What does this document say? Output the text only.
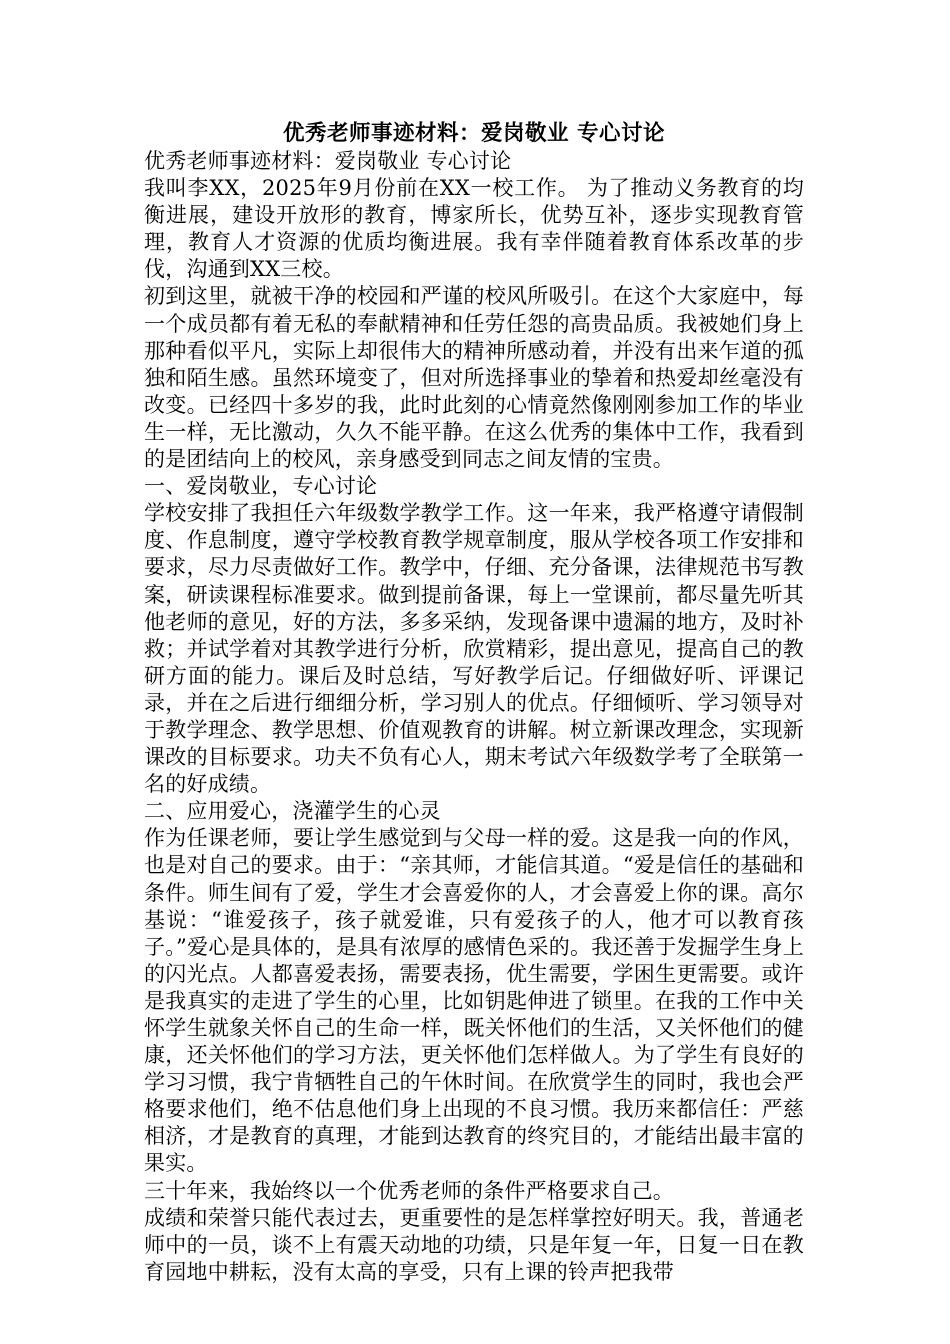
优秀老师事迹材料：爱岗敬业 专心讨论

优秀老师事迹材料：爱岗敬业 专心讨论

我叫李XX，2025年9月份前在XX一校工作。 为了推动义务教育的均衡进展，建设开放形的教育，博家所长，优势互补，逐步实现教育管理，教育人才资源的优质均衡进展。我有幸伴随着教育体系改革的步伐，沟通到XX三校。

初到这里，就被干净的校园和严谨的校风所吸引。在这个大家庭中，每一个成员都有着无私的奉献精神和任劳任怨的高贵品质。我被她们身上那种看似平凡，实际上却很伟大的精神所感动着，并没有出来乍道的孤独和陌生感。虽然环境变了，但对所选择事业的挚着和热爱却丝毫没有改变。已经四十多岁的我，此时此刻的心情竟然像刚刚参加工作的毕业生一样，无比激动，久久不能平静。在这么优秀的集体中工作，我看到的是团结向上的校风，亲身感受到同志之间友情的宝贵。

一、爱岗敬业，专心讨论

学校安排了我担任六年级数学教学工作。这一年来，我严格遵守请假制度、作息制度，遵守学校教育教学规章制度，服从学校各项工作安排和要求，尽力尽责做好工作。教学中，仔细、充分备课，法律规范书写教案，研读课程标准要求。做到提前备课，每上一堂课前，都尽量先听其他老师的意见，好的方法，多多采纳，发现备课中遗漏的地方，及时补救；并试学着对其教学进行分析，欣赏精彩，提出意见，提高自己的教研方面的能力。课后及时总结，写好教学后记。仔细做好听、评课记录，并在之后进行细细分析，学习别人的优点。仔细倾听、学习领导对于教学理念、教学思想、价值观教育的讲解。树立新课改理念，实现新课改的目标要求。功夫不负有心人，期末考试六年级数学考了全联第一名的好成绩。

二、应用爱心，浇灌学生的心灵

作为任课老师，要让学生感觉到与父母一样的爱。这是我一向的作风，也是对自己的要求。由于：“亲其师，才能信其道。“爱是信任的基础和条件。师生间有了爱，学生才会喜爱你的人，才会喜爱上你的课。高尔基说：“谁爱孩子，孩子就爱谁，只有爱孩子的人，他才可以教育孩子。”爱心是具体的，是具有浓厚的感情色采的。我还善于发掘学生身上的闪光点。人都喜爱表扬，需要表扬，优生需要，学困生更需要。或许是我真实的走进了学生的心里，比如钥匙伸进了锁里。在我的工作中关怀学生就象关怀自己的生命一样，既关怀他们的生活，又关怀他们的健康，还关怀他们的学习方法，更关怀他们怎样做人。为了学生有良好的学习习惯，我宁肯牺牲自己的午休时间。在欣赏学生的同时，我也会严格要求他们，绝不估息他们身上出现的不良习惯。我历来都信任：严慈相济，才是教育的真理，才能到达教育的终究目的，才能结出最丰富的果实。

三十年来，我始终以一个优秀老师的条件严格要求自己。

成绩和荣誉只能代表过去，更重要性的是怎样掌控好明天。我，普通老师中的一员，谈不上有震天动地的功绩，只是年复一年，日复一日在教育园地中耕耘，没有太高的享受，只有上课的铃声把我带
